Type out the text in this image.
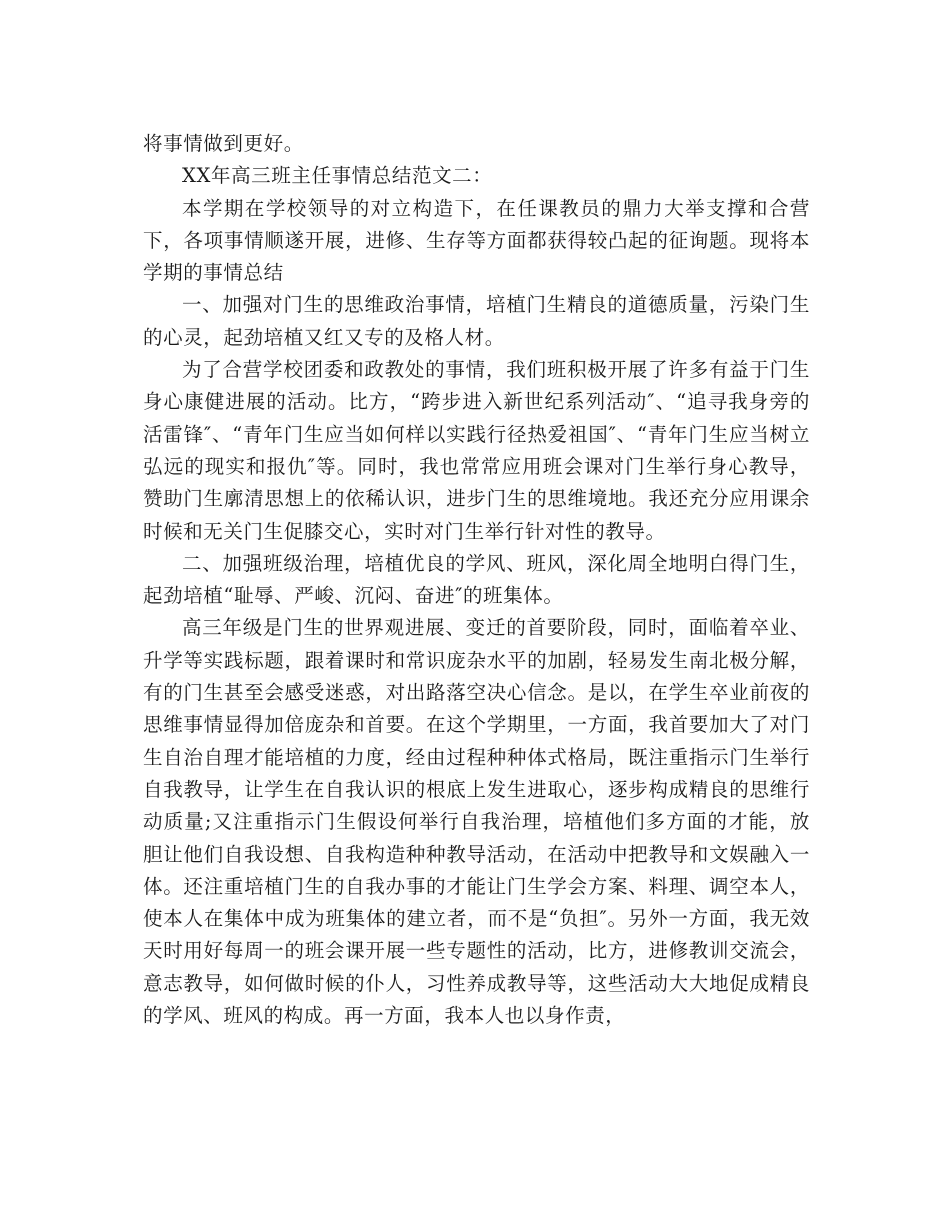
将事情做到更好。

XX年高三班主任事情总结范文二：

本学期在学校领导的对立构造下，在任课教员的鼎力大举支撑和合营下，各项事情顺遂开展，进修、生存等方面都获得较凸起的征询题。现将本学期的事情总结

一、加强对门生的思维政治事情，培植门生精良的道德质量，污染门生的心灵，起劲培植又红又专的及格人材。

为了合营学校团委和政教处的事情，我们班积极开展了许多有益于门生身心康健进展的活动。比方，“跨步进入新世纪系列活动″、“追寻我身旁的活雷锋″、“青年门生应当如何样以实践行径热爱祖国″、“青年门生应当树立弘远的现实和报仇″等。同时，我也常常应用班会课对门生举行身心教导，赞助门生廓清思想上的依稀认识，进步门生的思维境地。我还充分应用课余时候和无关门生促膝交心，实时对门生举行针对性的教导。

二、加强班级治理，培植优良的学风、班风，深化周全地明白得门生，起劲培植“耻辱、严峻、沉闷、奋进″的班集体。

高三年级是门生的世界观进展、变迁的首要阶段，同时，面临着卒业、升学等实践标题，跟着课时和常识庞杂水平的加剧，轻易发生南北极分解，有的门生甚至会感受迷惑，对出路落空决心信念。是以，在学生卒业前夜的思维事情显得加倍庞杂和首要。在这个学期里，一方面，我首要加大了对门生自治自理才能培植的力度，经由过程种种体式格局，既注重指示门生举行自我教导，让学生在自我认识的根底上发生进取心，逐步构成精良的思维行动质量;又注重指示门生假设何举行自我治理，培植他们多方面的才能，放胆让他们自我设想、自我构造种种教导活动，在活动中把教导和文娱融入一体。还注重培植门生的自我办事的才能让门生学会方案、料理、调空本人，使本人在集体中成为班集体的建立者，而不是“负担″。另外一方面，我无效天时用好每周一的班会课开展一些专题性的活动，比方，进修教训交流会，意志教导，如何做时候的仆人，习性养成教导等，这些活动大大地促成精良的学风、班风的构成。再一方面，我本人也以身作责，
